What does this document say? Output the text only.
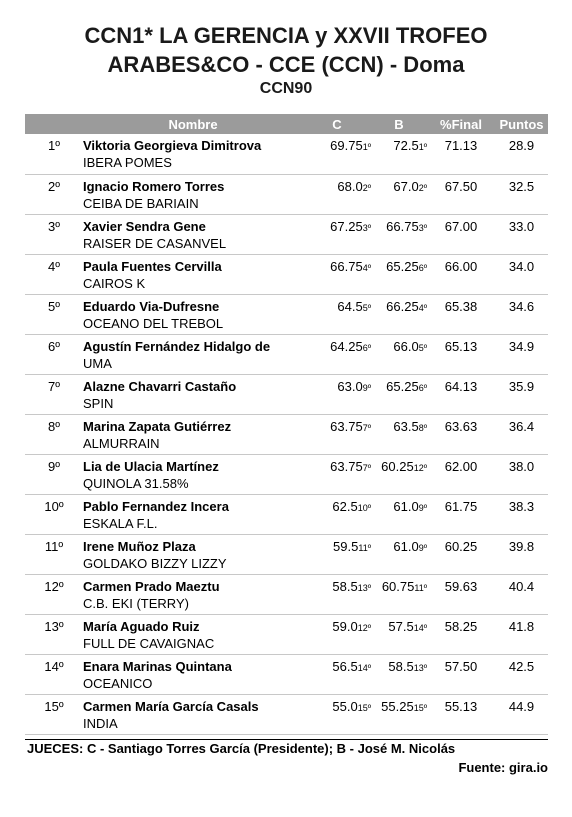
CCN1* LA GERENCIA y XXVII TROFEO
ARABES&CO - CCE (CCN) - Doma
CCN90
	Nombre	C	B	%Final	Puntos
1º	Viktoria Georgieva Dimitrova
IBERA POMES	69.751º	72.51º	71.13	28.9
2º	Ignacio Romero Torres
CEIBA DE BARIAIN	68.02º	67.02º	67.50	32.5
3º	Xavier Sendra Gene
RAISER DE CASANVEL	67.253º	66.753º	67.00	33.0
4º	Paula Fuentes Cervilla
CAIROS K	66.754º	65.256º	66.00	34.0
5º	Eduardo Via-Dufresne
OCEANO DEL TREBOL	64.55º	66.254º	65.38	34.6
6º	Agustín Fernández Hidalgo de
UMA	64.256º	66.05º	65.13	34.9
7º	Alazne Chavarri Castaño
SPIN	63.09º	65.256º	64.13	35.9
8º	Marina Zapata Gutiérrez
ALMURRAIN	63.757º	63.58º	63.63	36.4
9º	Lia de Ulacia Martínez
QUINOLA 31.58%	63.757º	60.2512º	62.00	38.0
10º	Pablo Fernandez Incera
ESKALA F.L.	62.510º	61.09º	61.75	38.3
11º	Irene Muñoz Plaza
GOLDAKO BIZZY LIZZY	59.511º	61.09º	60.25	39.8
12º	Carmen Prado Maeztu
C.B. EKI (TERRY)	58.513º	60.7511º	59.63	40.4
13º	María Aguado Ruiz
FULL DE CAVAIGNAC	59.012º	57.514º	58.25	41.8
14º	Enara Marinas Quintana
OCEANICO	56.514º	58.513º	57.50	42.5
15º	Carmen María García Casals
INDIA	55.015º	55.2515º	55.13	44.9
JUECES: C - Santiago Torres García (Presidente); B - José M. Nicolás
Fuente: gira.io
